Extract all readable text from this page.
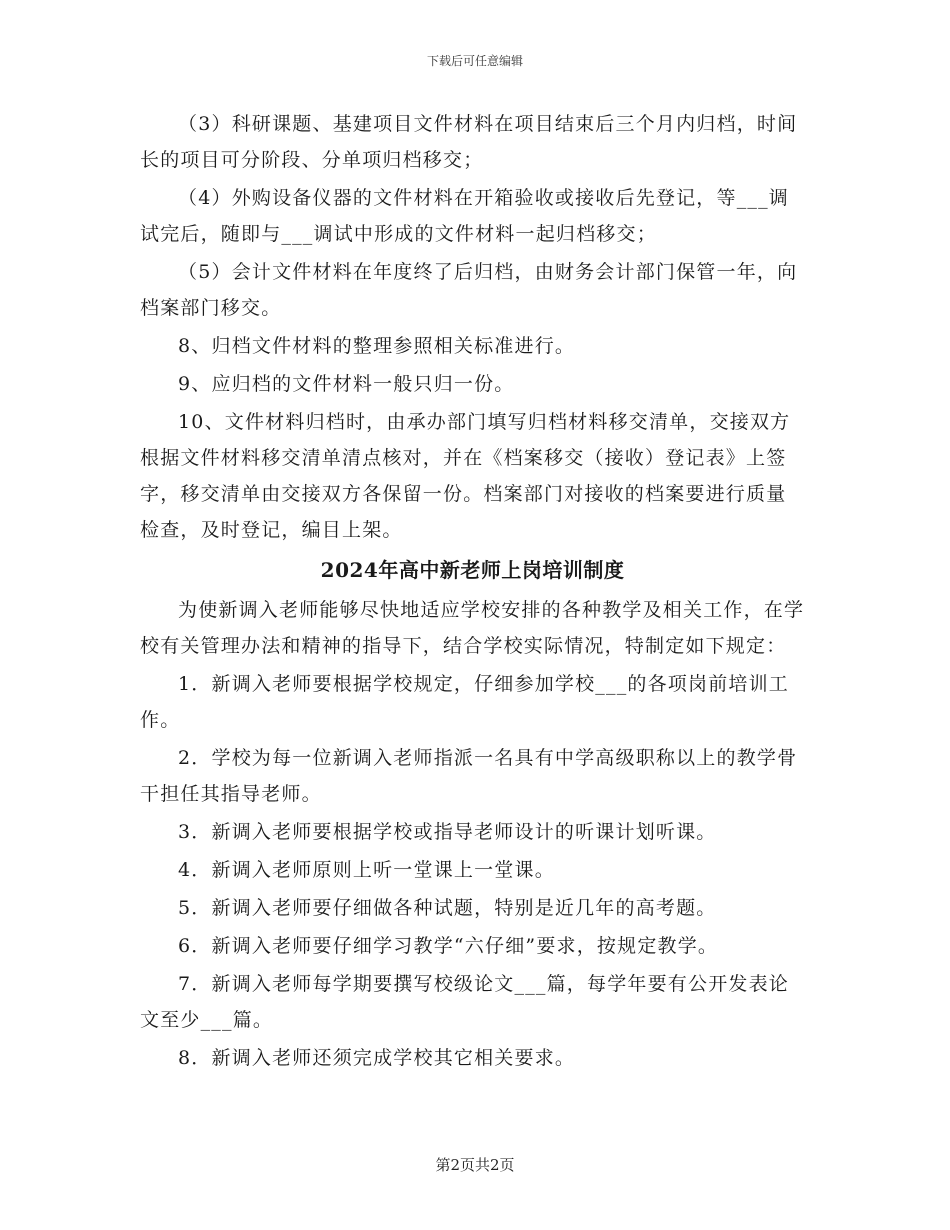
下载后可任意编辑

（3）科研课题、基建项目文件材料在项目结束后三个月内归档，时间长的项目可分阶段、分单项归档移交；

（4）外购设备仪器的文件材料在开箱验收或接收后先登记，等___调试完后，随即与___调试中形成的文件材料一起归档移交；

（5）会计文件材料在年度终了后归档，由财务会计部门保管一年，向档案部门移交。

8、归档文件材料的整理参照相关标准进行。

9、应归档的文件材料一般只归一份。

10、文件材料归档时，由承办部门填写归档材料移交清单，交接双方根据文件材料移交清单清点核对，并在《档案移交（接收）登记表》上签字，移交清单由交接双方各保留一份。档案部门对接收的档案要进行质量检查，及时登记，编目上架。

2024年高中新老师上岗培训制度

为使新调入老师能够尽快地适应学校安排的各种教学及相关工作，在学校有关管理办法和精神的指导下，结合学校实际情况，特制定如下规定：

1．新调入老师要根据学校规定，仔细参加学校___的各项岗前培训工作。

2．学校为每一位新调入老师指派一名具有中学高级职称以上的教学骨干担任其指导老师。

3．新调入老师要根据学校或指导老师设计的听课计划听课。

4．新调入老师原则上听一堂课上一堂课。

5．新调入老师要仔细做各种试题，特别是近几年的高考题。

6．新调入老师要仔细学习教学“六仔细”要求，按规定教学。

7．新调入老师每学期要撰写校级论文___篇，每学年要有公开发表论文至少___篇。

8．新调入老师还须完成学校其它相关要求。

第2页共2页
